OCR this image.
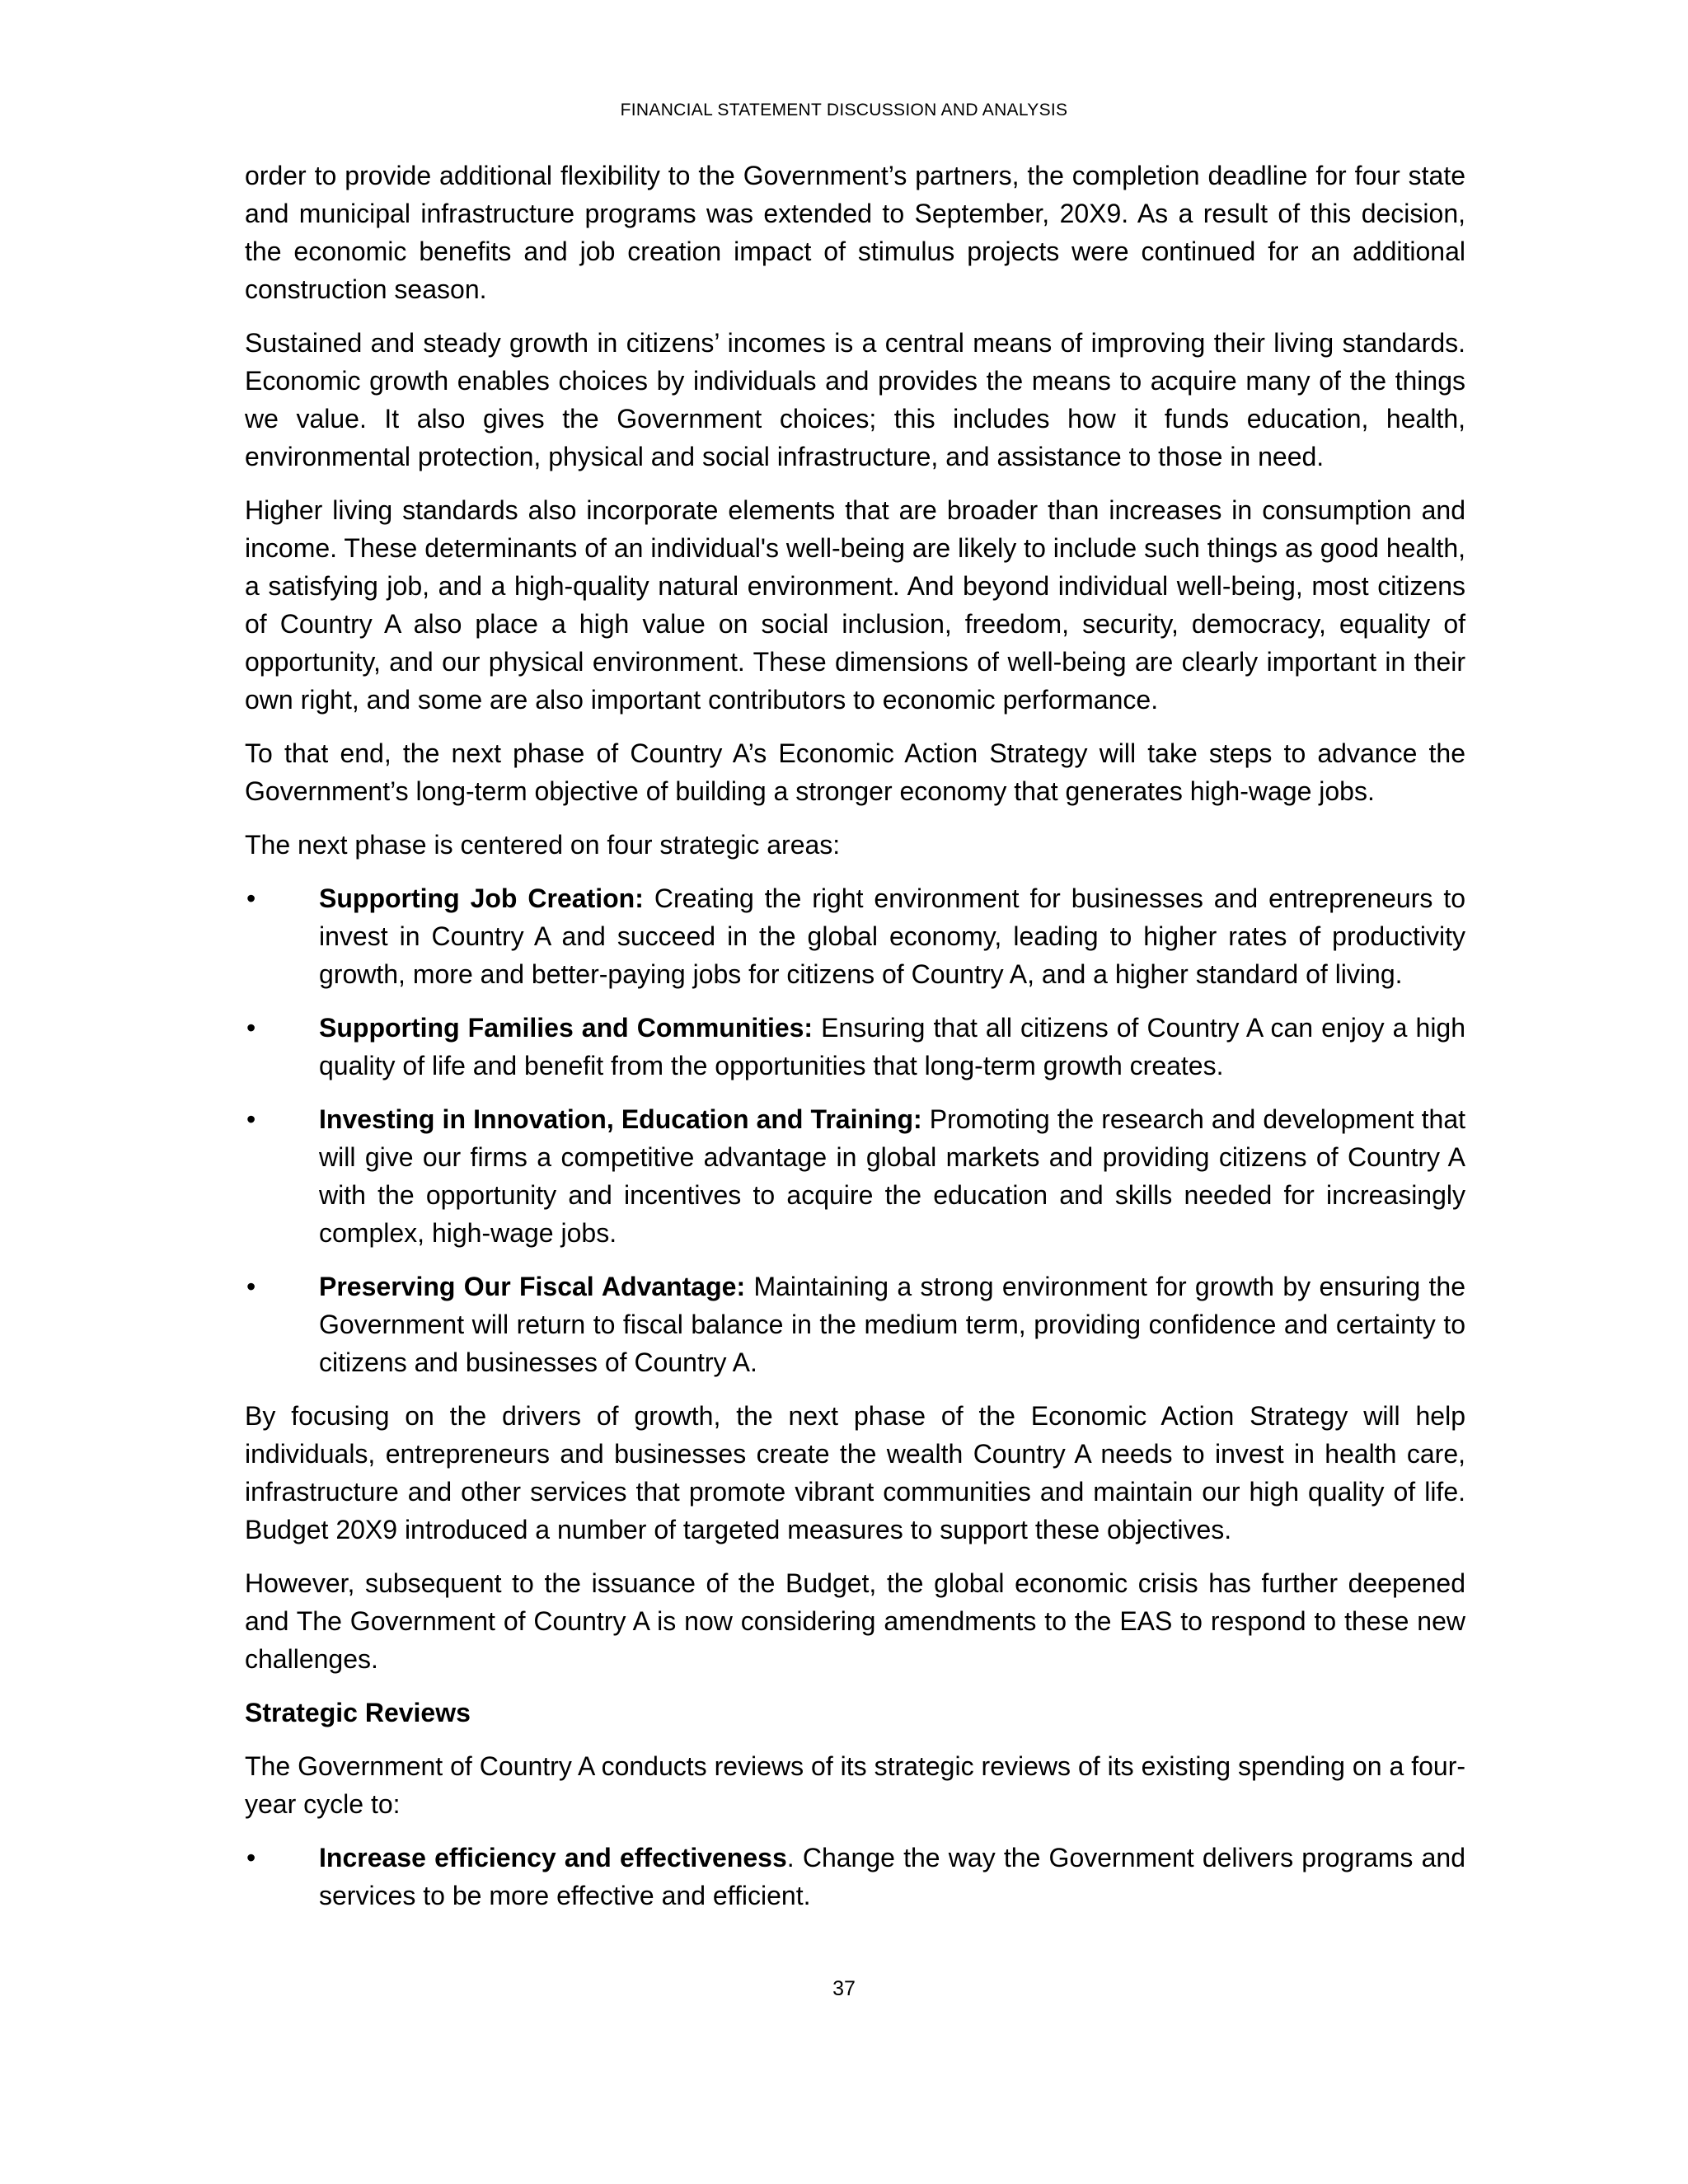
FINANCIAL STATEMENT DISCUSSION AND ANALYSIS

order to provide additional flexibility to the Government’s partners, the completion deadline for four state and municipal infrastructure programs was extended to September, 20X9. As a result of this decision, the economic benefits and job creation impact of stimulus projects were continued for an additional construction season.

Sustained and steady growth in citizens’ incomes is a central means of improving their living standards. Economic growth enables choices by individuals and provides the means to acquire many of the things we value. It also gives the Government choices; this includes how it funds education, health, environmental protection, physical and social infrastructure, and assistance to those in need.

Higher living standards also incorporate elements that are broader than increases in consumption and income. These determinants of an individual's well-being are likely to include such things as good health, a satisfying job, and a high-quality natural environment. And beyond individual well-being, most citizens of Country A also place a high value on social inclusion, freedom, security, democracy, equality of opportunity, and our physical environment. These dimensions of well-being are clearly important in their own right, and some are also important contributors to economic performance.

To that end, the next phase of Country A’s Economic Action Strategy will take steps to advance the Government’s long-term objective of building a stronger economy that generates high-wage jobs.

The next phase is centered on four strategic areas:

•	Supporting Job Creation: Creating the right environment for businesses and entrepreneurs to invest in Country A and succeed in the global economy, leading to higher rates of productivity growth, more and better-paying jobs for citizens of Country A, and a higher standard of living.
•	Supporting Families and Communities: Ensuring that all citizens of Country A can enjoy a high quality of life and benefit from the opportunities that long-term growth creates.
•	Investing in Innovation, Education and Training: Promoting the research and development that will give our firms a competitive advantage in global markets and providing citizens of Country A with the opportunity and incentives to acquire the education and skills needed for increasingly complex, high-wage jobs.
•	Preserving Our Fiscal Advantage: Maintaining a strong environment for growth by ensuring the Government will return to fiscal balance in the medium term, providing confidence and certainty to citizens and businesses of Country A.

By focusing on the drivers of growth, the next phase of the Economic Action Strategy will help individuals, entrepreneurs and businesses create the wealth Country A needs to invest in health care, infrastructure and other services that promote vibrant communities and maintain our high quality of life. Budget 20X9 introduced a number of targeted measures to support these objectives.

However, subsequent to the issuance of the Budget, the global economic crisis has further deepened and The Government of Country A is now considering amendments to the EAS to respond to these new challenges.

Strategic Reviews

The Government of Country A conducts reviews of its strategic reviews of its existing spending on a four-year cycle to:

•	Increase efficiency and effectiveness. Change the way the Government delivers programs and services to be more effective and efficient.
37
